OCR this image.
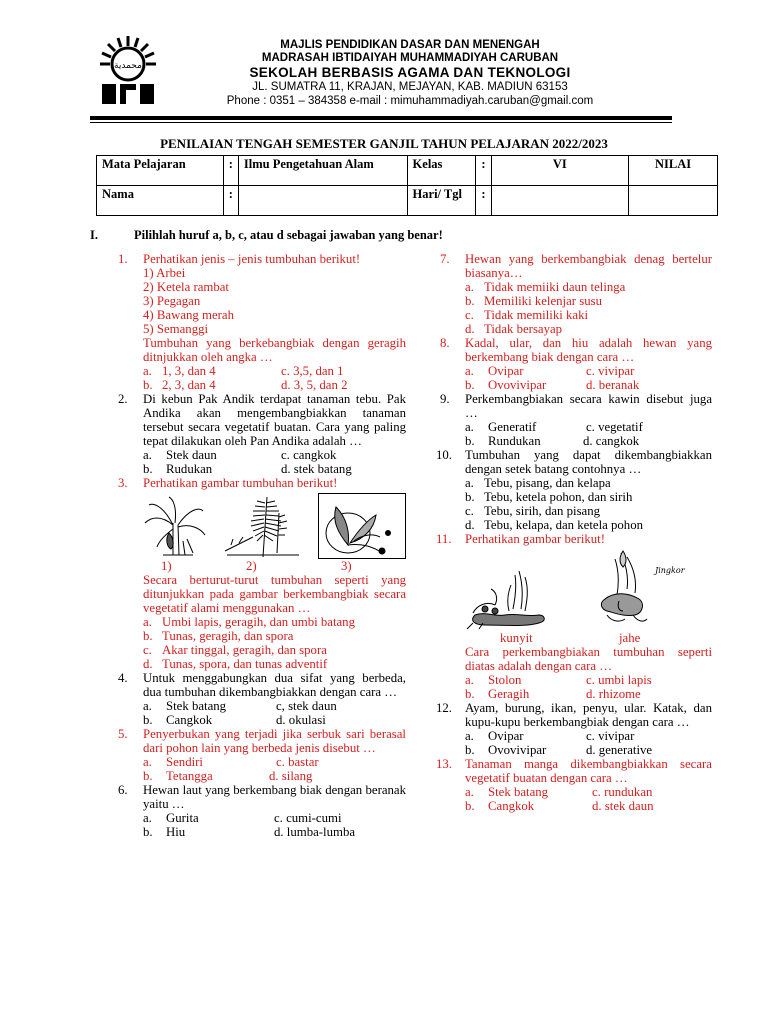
محمدية
MAJLIS PENDIDIKAN DASAR DAN MENENGAH
MADRASAH IBTIDAIYAH MUHAMMADIYAH CARUBAN
SEKOLAH BERBASIS AGAMA DAN TEKNOLOGI
JL. SUMATRA 11, KRAJAN, MEJAYAN, KAB. MADIUN 63153
Phone : 0351 – 384358 e-mail : mimuhammadiyah.caruban@gmail.com
PENILAIAN TENGAH SEMESTER GANJIL TAHUN PELAJARAN 2022/2023
Mata Pelajaran	:	Ilmu Pengetahuan Alam	Kelas	:	VI	NILAI
Nama	:		Hari/ Tgl	:		
I.	Pilihlah huruf a, b, c, atau d sebagai jawaban yang benar!
1. Perhatikan jenis – jenis tumbuhan berikut!
1) Arbei
2) Ketela rambat
3) Pegagan
4) Bawang merah
5) Semanggi
Tumbuhan yang berkebangbiak dengan geragih ditnjukkan oleh angka …
a. 1, 3, dan 4	c. 3,5, dan 1
b. 2, 3, dan 4	d. 3, 5, dan 2
2. Di kebun Pak Andik terdapat tanaman tebu. Pak Andika akan mengembangbiakkan tanaman tersebut secara vegetatif buatan. Cara yang paling tepat dilakukan oleh Pan Andika adalah …
a. Stek daun	c. cangkok
b. Rudukan	d. stek batang
3. Perhatikan gambar tumbuhan berikut!
1)	2)	3)
Secara berturut-turut tumbuhan seperti yang ditunjukkan pada gambar berkembangbiak secara vegetatif alami menggunakan …
a. Umbi lapis, geragih, dan umbi batang
b. Tunas, geragih, dan spora
c. Akar tinggal, geragih, dan spora
d. Tunas, spora, dan tunas adventif
4. Untuk menggabungkan dua sifat yang berbeda, dua tumbuhan dikembangbiakkan dengan cara …
a. Stek batang	c, stek daun
b. Cangkok	d. okulasi
5. Penyerbukan yang terjadi jika serbuk sari berasal dari pohon lain yang berbeda jenis disebut …
a. Sendiri	c. bastar
b. Tetangga	d. silang
6. Hewan laut yang berkembang biak dengan beranak yaitu …
a. Gurita	c. cumi-cumi
b. Hiu	d. lumba-lumba
7. Hewan yang berkembangbiak denag bertelur biasanya…
a. Tidak memiiki daun telinga
b. Memiliki kelenjar susu
c. Tidak memiliki kaki
d. Tidak bersayap
8. Kadal, ular, dan hiu adalah hewan yang berkembang biak dengan cara …
a. Ovipar	c. vivipar
b. Ovovivipar	d. beranak
9. Perkembangbiakan secara kawin disebut juga …
a. Generatif	c. vegetatif
b. Rundukan	d. cangkok
10. Tumbuhan yang dapat dikembangbiakkan dengan setek batang contohnya …
a. Tebu, pisang, dan kelapa
b. Tebu, ketela pohon, dan sirih
c. Tebu, sirih, dan pisang
d. Tebu, kelapa, dan ketela pohon
11. Perhatikan gambar berikut!
Jingkor
kunyit	jahe
Cara perkembangbiakan tumbuhan seperti diatas adalah dengan cara …
a. Stolon	c. umbi lapis
b. Geragih	d. rhizome
12. Ayam, burung, ikan, penyu, ular. Katak, dan kupu-kupu berkembangbiak dengan cara …
a. Ovipar	c. vivipar
b. Ovovivipar	d. generative
13. Tanaman manga dikembangbiakkan secara vegetatif buatan dengan cara …
a. Stek batang	c. rundukan
b. Cangkok	d. stek daun
